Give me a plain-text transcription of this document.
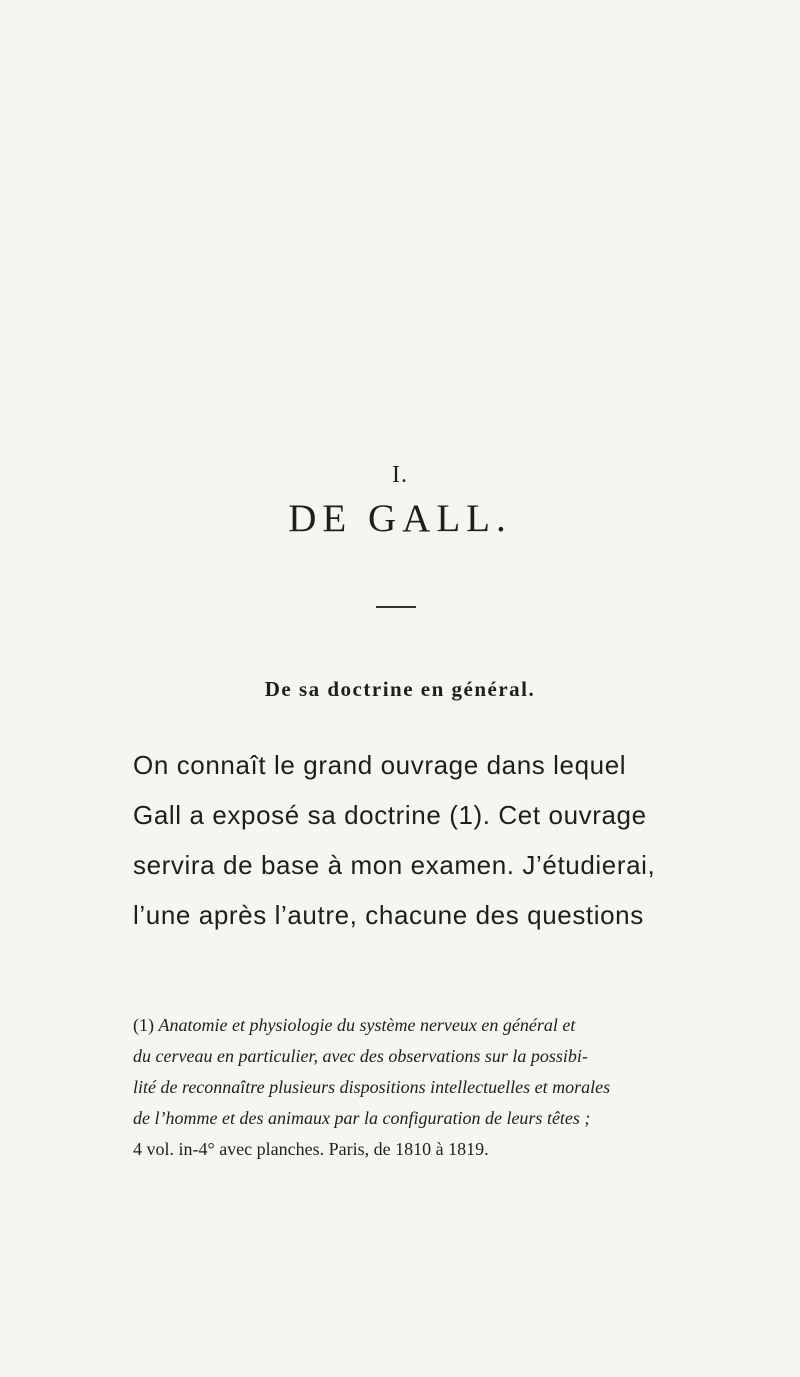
I.
DE GALL.
De sa doctrine en général.
On connaît le grand ouvrage dans lequel
Gall a exposé sa doctrine (1). Cet ouvrage
servira de base à mon examen. J’étudierai,
l’une après l’autre, chacune des questions
(1) Anatomie et physiologie du système nerveux en général et
du cerveau en particulier, avec des observations sur la possibi-
lité de reconnaître plusieurs dispositions intellectuelles et morales
de l’homme et des animaux par la configuration de leurs têtes ;
4 vol. in-4° avec planches. Paris, de 1810 à 1819.
